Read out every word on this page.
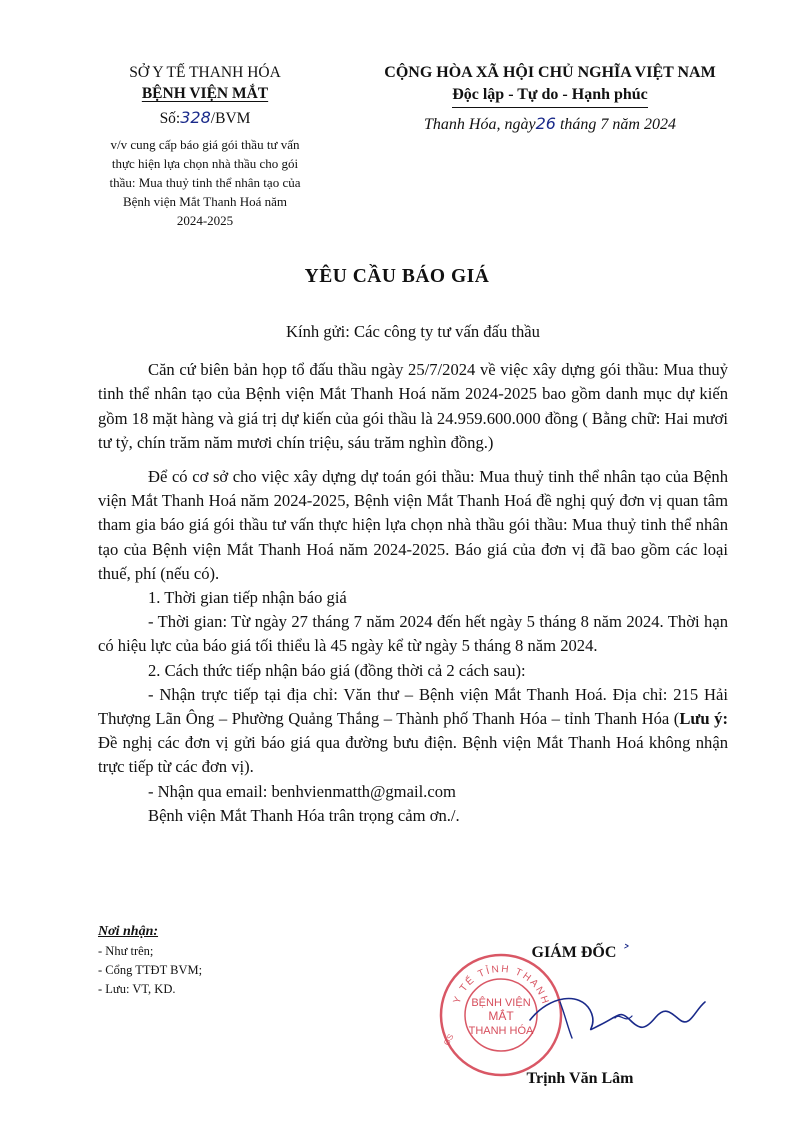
SỞ Y TẾ THANH HÓA
BỆNH VIỆN MẮT
Số:328/BVM
v/v cung cấp báo giá gói thầu tư vấn
thực hiện lựa chọn nhà thầu cho gói
thầu: Mua thuỷ tinh thể nhân tạo của
Bệnh viện Mắt Thanh Hoá năm
2024-2025
CỘNG HÒA XÃ HỘI CHỦ NGHĨA VIỆT NAM
Độc lập - Tự do - Hạnh phúc
Thanh Hóa, ngày26 tháng 7 năm 2024
YÊU CẦU BÁO GIÁ

Kính gửi: Các công ty tư vấn đấu thầu

Căn cứ biên bản họp tổ đấu thầu ngày 25/7/2024 về việc xây dựng gói thầu: Mua thuỷ tinh thể nhân tạo của Bệnh viện Mắt Thanh Hoá năm 2024-2025 bao gồm danh mục dự kiến gồm 18 mặt hàng và giá trị dự kiến của gói thầu là 24.959.600.000 đồng ( Bằng chữ: Hai mươi tư tỷ, chín trăm năm mươi chín triệu, sáu trăm nghìn đồng.)

Để có cơ sở cho việc xây dựng dự toán gói thầu: Mua thuỷ tinh thể nhân tạo của Bệnh viện Mắt Thanh Hoá năm 2024-2025, Bệnh viện Mắt Thanh Hoá đề nghị quý đơn vị quan tâm tham gia báo giá gói thầu tư vấn thực hiện lựa chọn nhà thầu gói thầu: Mua thuỷ tinh thể nhân tạo của Bệnh viện Mắt Thanh Hoá năm 2024-2025. Báo giá của đơn vị đã bao gồm các loại thuế, phí (nếu có).

1. Thời gian tiếp nhận báo giá

- Thời gian: Từ ngày 27 tháng 7 năm 2024 đến hết ngày 5 tháng 8 năm 2024. Thời hạn có hiệu lực của báo giá tối thiểu là 45 ngày kể từ ngày 5 tháng 8 năm 2024.

2. Cách thức tiếp nhận báo giá (đồng thời cả 2 cách sau):

- Nhận trực tiếp tại địa chỉ: Văn thư – Bệnh viện Mắt Thanh Hoá. Địa chỉ: 215 Hải Thượng Lãn Ông – Phường Quảng Thắng – Thành phố Thanh Hóa – tỉnh Thanh Hóa (Lưu ý: Đề nghị các đơn vị gửi báo giá qua đường bưu điện. Bệnh viện Mắt Thanh Hoá không nhận trực tiếp từ các đơn vị).

- Nhận qua email: benhvienmatth@gmail.com

Bệnh viện Mắt Thanh Hóa trân trọng cảm ơn./.

Nơi nhận:
- Như trên;
- Cổng TTĐT BVM;
- Lưu: VT, KD.
Y TẾ TỈNH THANH
BỆNH VIỆN
MẮT
THANH HÓA
GS
GIÁM ĐỐC ˃
Trịnh Văn Lâm
